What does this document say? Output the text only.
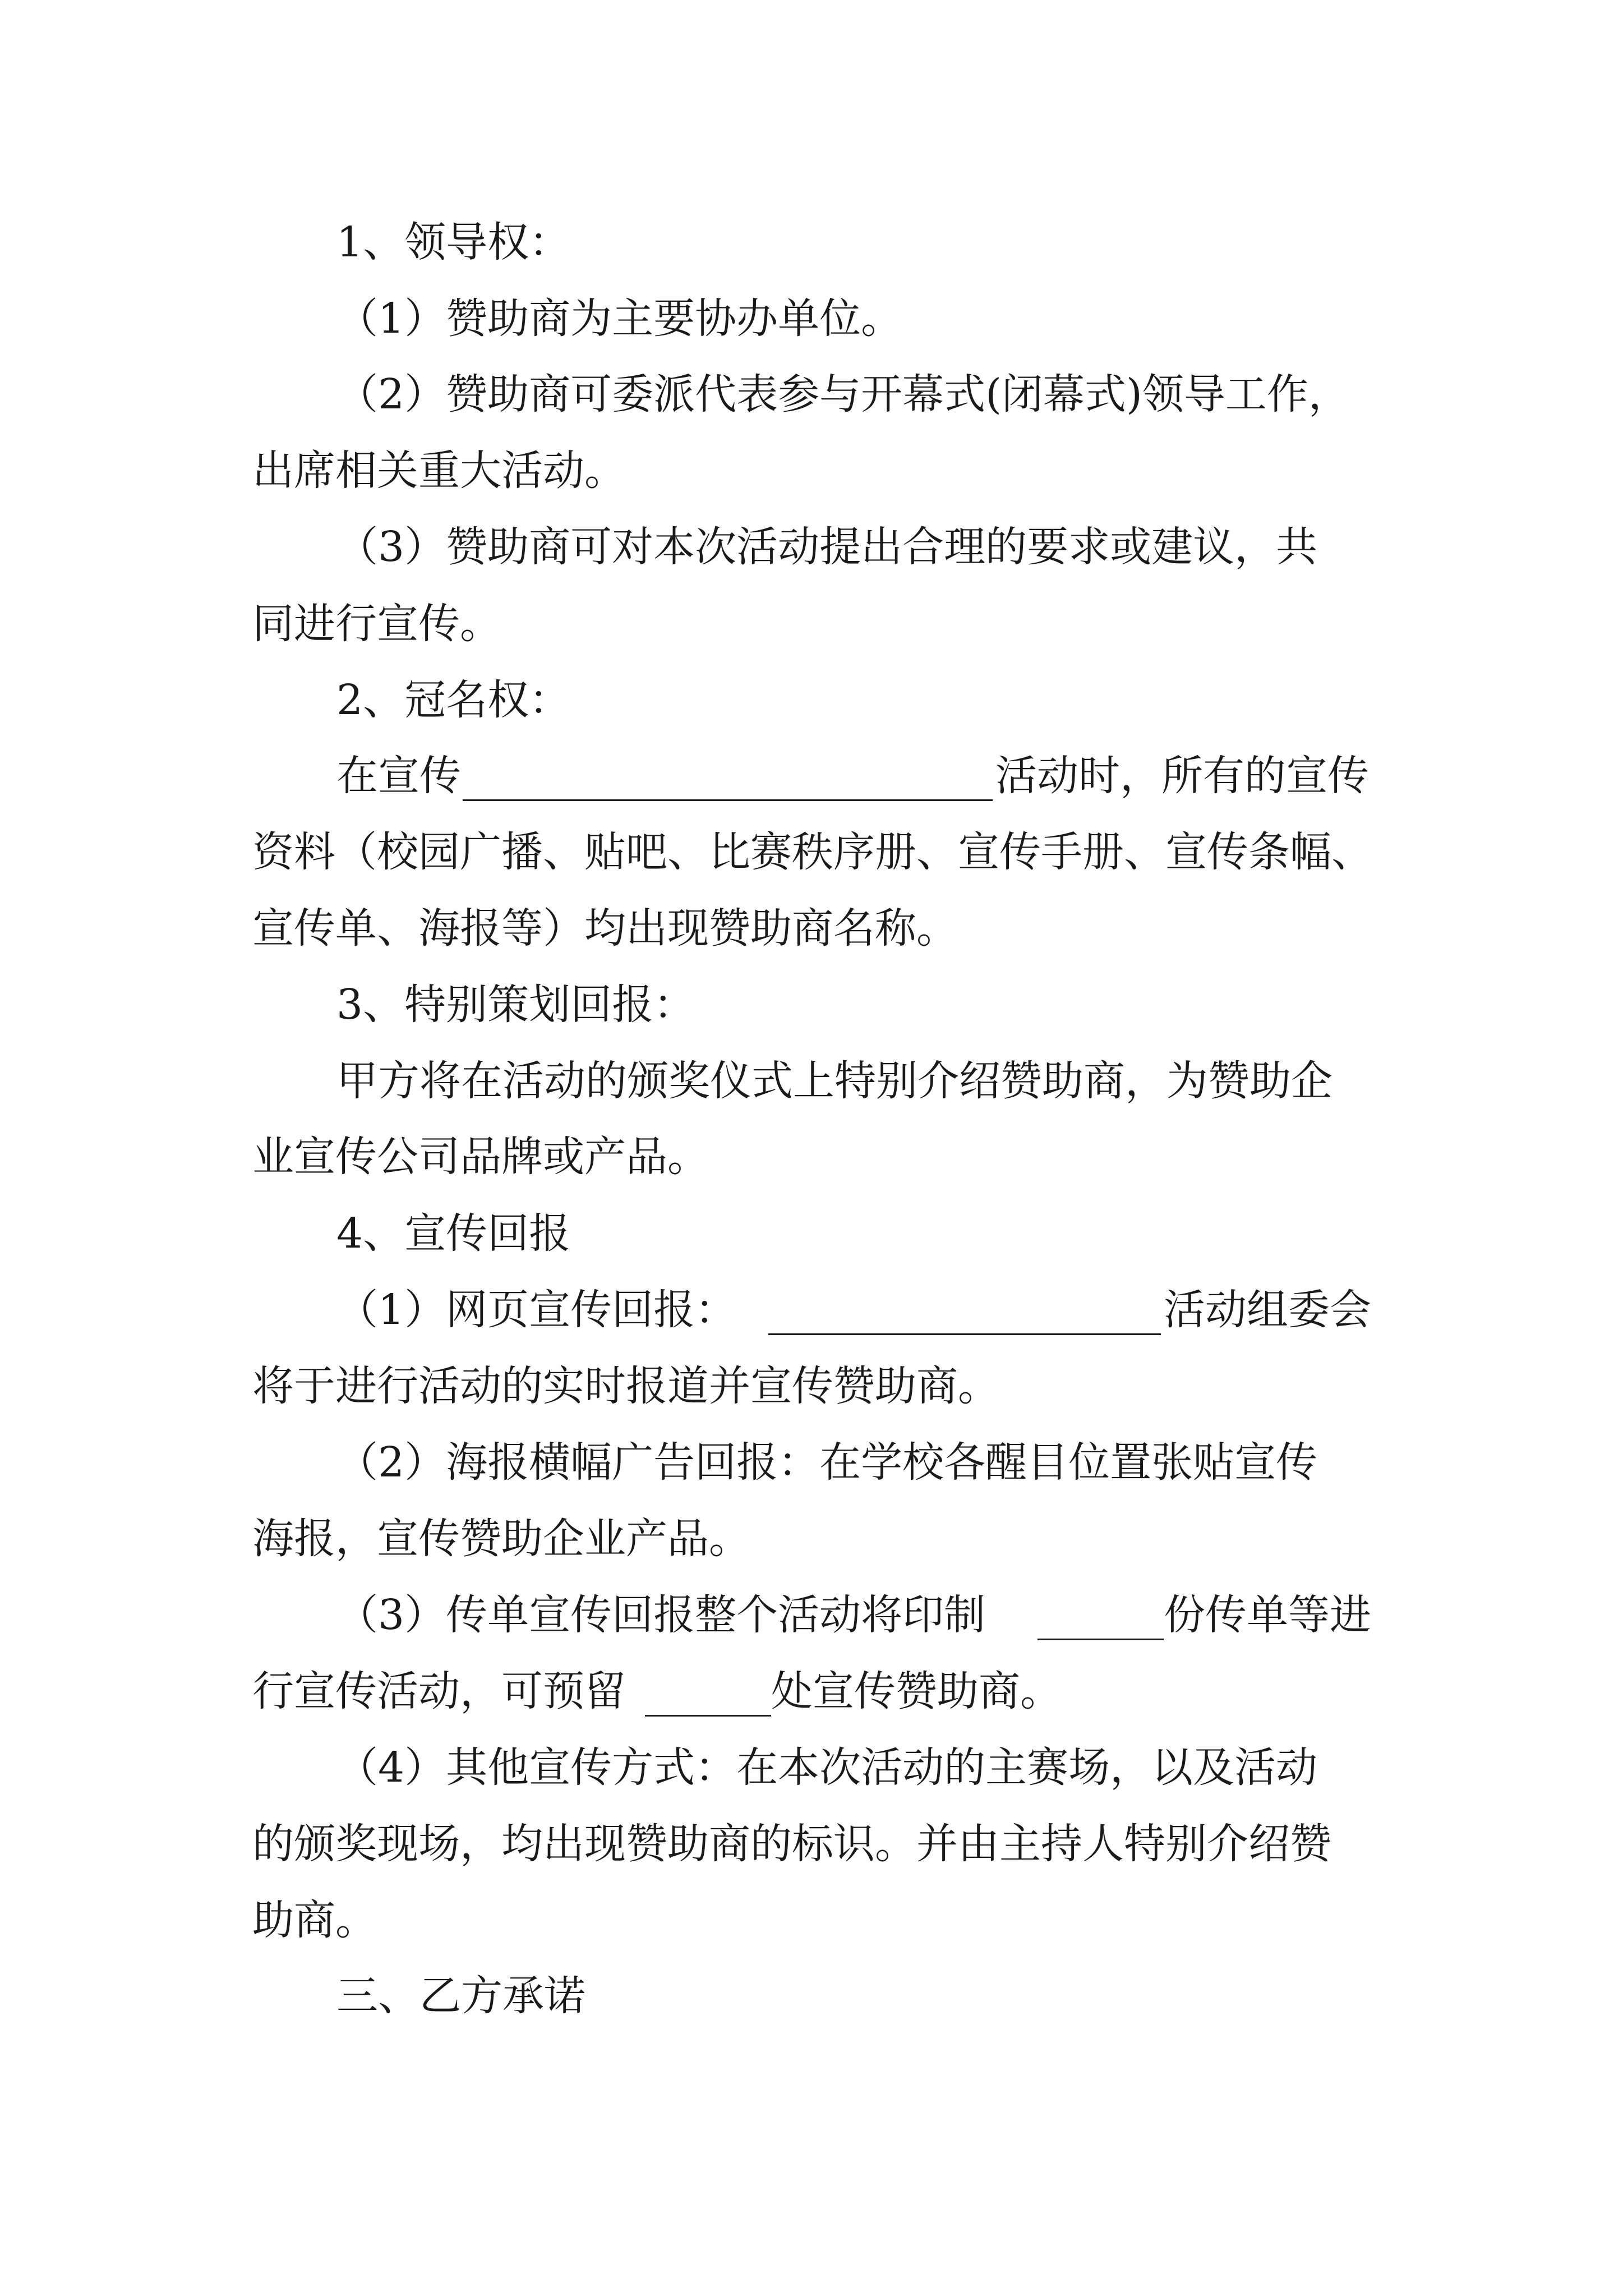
1、领导权：
（1）赞助商为主要协办单位。
（2）赞助商可委派代表参与开幕式(闭幕式)领导工作，
出席相关重大活动。
（3）赞助商可对本次活动提出合理的要求或建议，共
同进行宣传。
2、冠名权：
在宣传	活动时，所有的宣传
资料（校园广播、贴吧、比赛秩序册、宣传手册、宣传条幅、
宣传单、海报等）均出现赞助商名称。
3、特别策划回报：
甲方将在活动的颁奖仪式上特别介绍赞助商，为赞助企
业宣传公司品牌或产品。
4、宣传回报
（1）网页宣传回报：	活动组委会
将于进行活动的实时报道并宣传赞助商。
（2）海报横幅广告回报：在学校各醒目位置张贴宣传
海报，宣传赞助企业产品。
（3）传单宣传回报整个活动将印制	份传单等进
行宣传活动，可预留	处宣传赞助商。
（4）其他宣传方式：在本次活动的主赛场，以及活动
的颁奖现场，均出现赞助商的标识。并由主持人特别介绍赞
助商。
三、乙方承诺
